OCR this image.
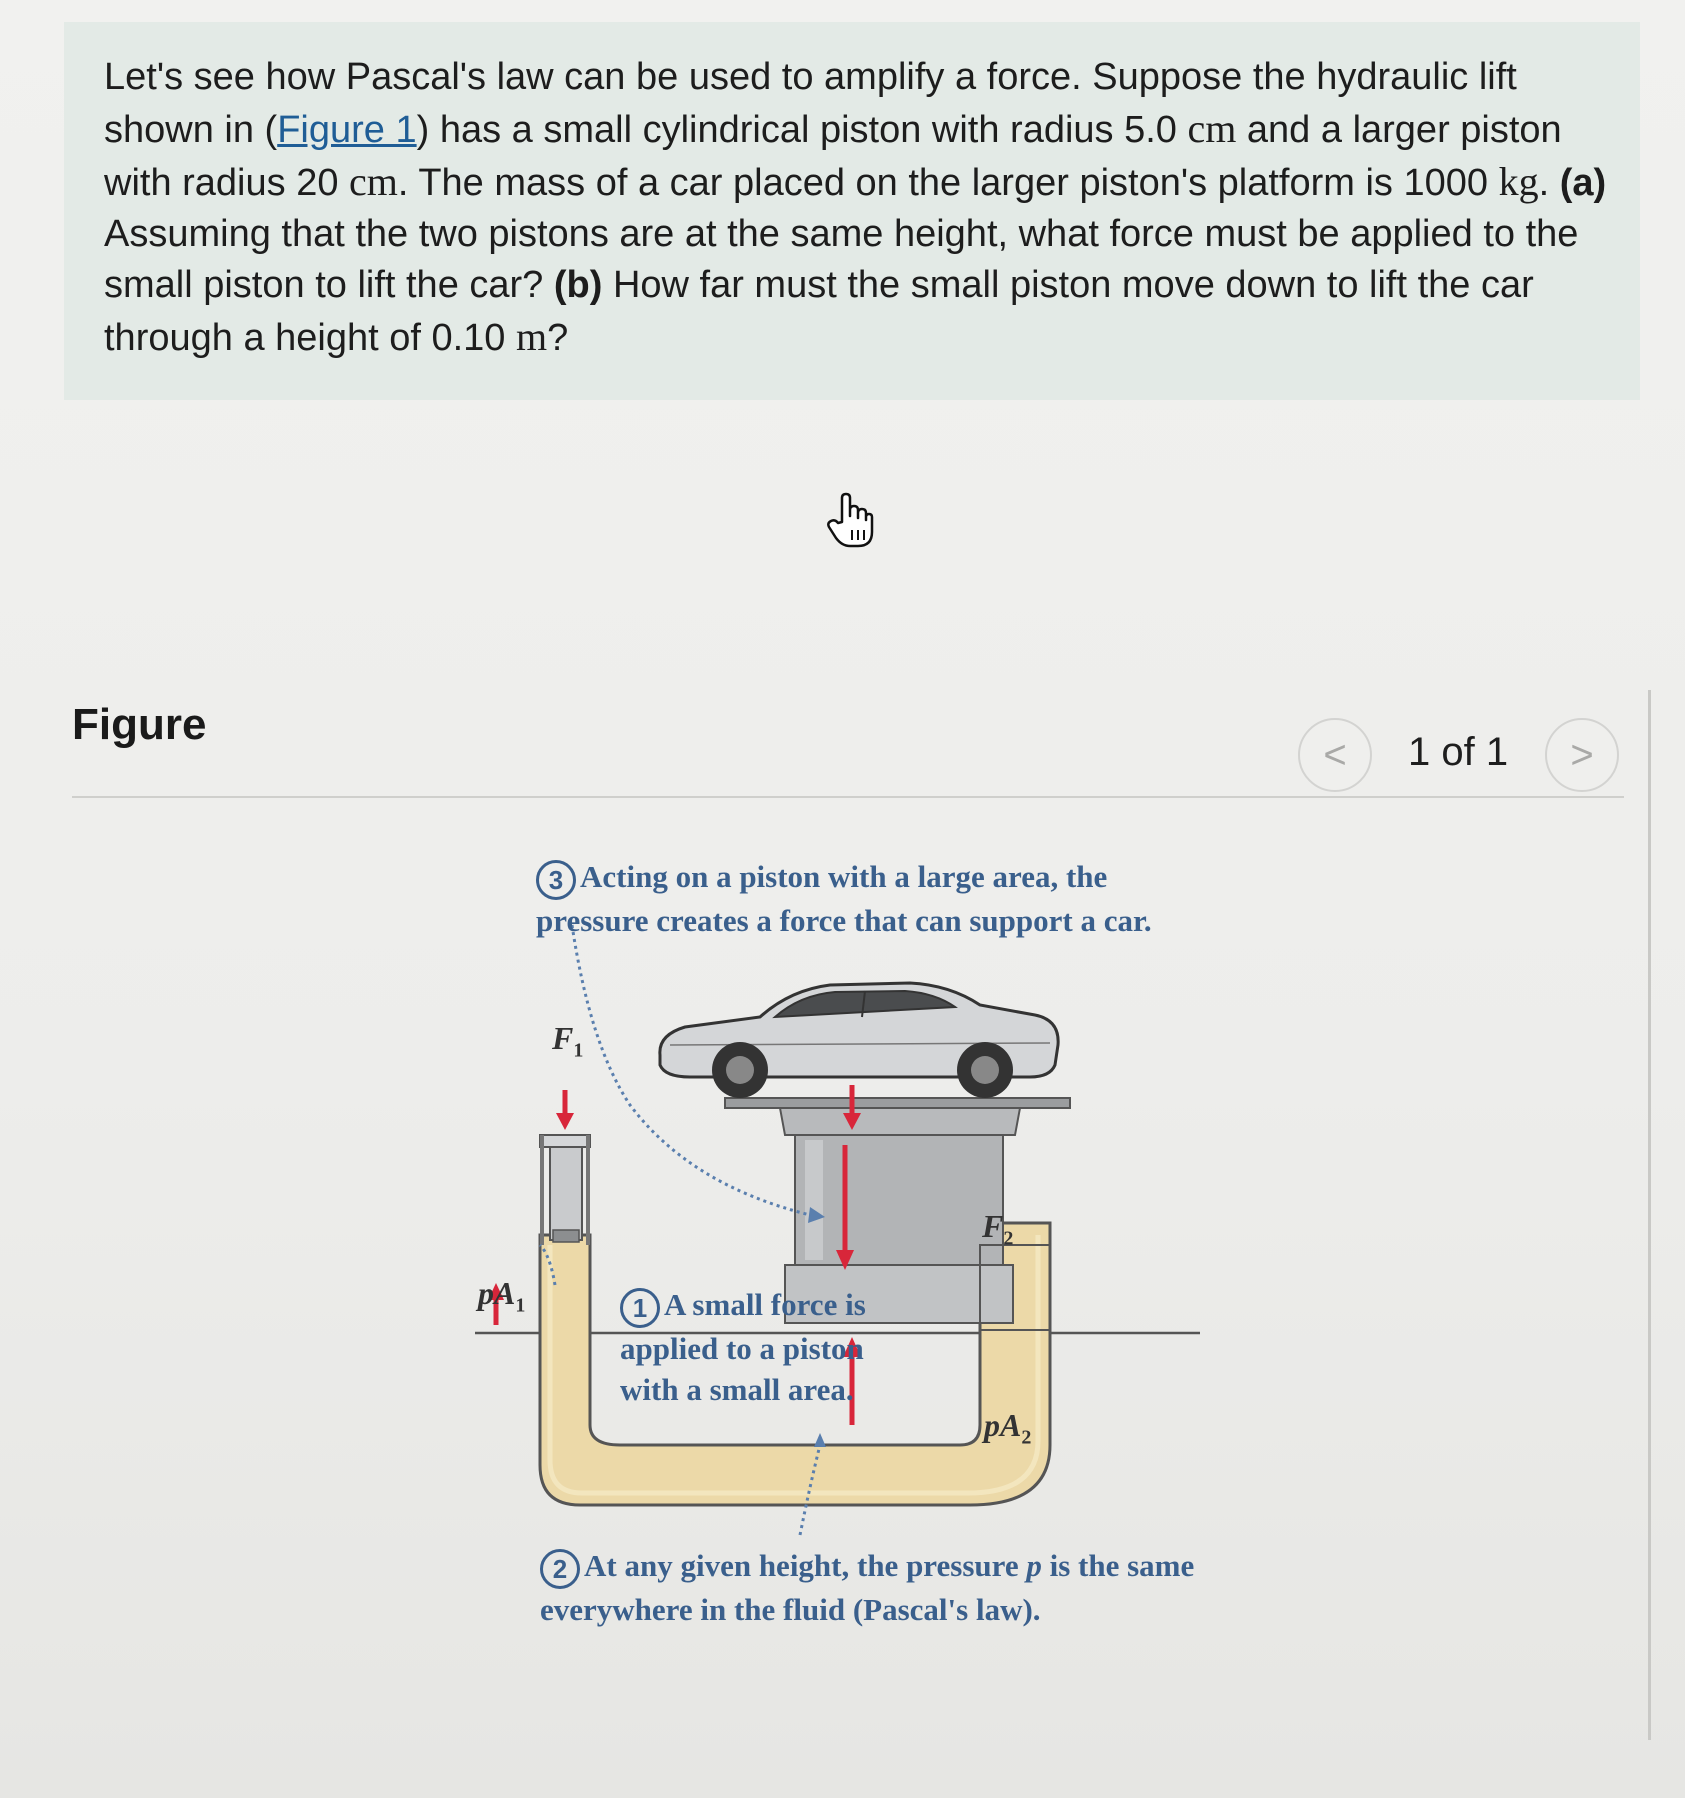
Let's see how Pascal's law can be used to amplify a force. Suppose the hydraulic lift shown in (Figure 1) has a small cylindrical piston with radius 5.0 cm and a larger piston with radius 20 cm. The mass of a car placed on the larger piston's platform is 1000 kg. (a) Assuming that the two pistons are at the same height, what force must be applied to the small piston to lift the car? (b) How far must the small piston move down to lift the car through a height of 0.10 m?

Figure
< 1 of 1 >
3 Acting on a piston with a large area, the pressure creates a force that can support a car.
1 A small force is applied to a piston with a small area.
2 At any given height, the pressure p is the same everywhere in the fluid (Pascal's law).
$F_1$
$F_2$
$pA_1$
$pA_2$
